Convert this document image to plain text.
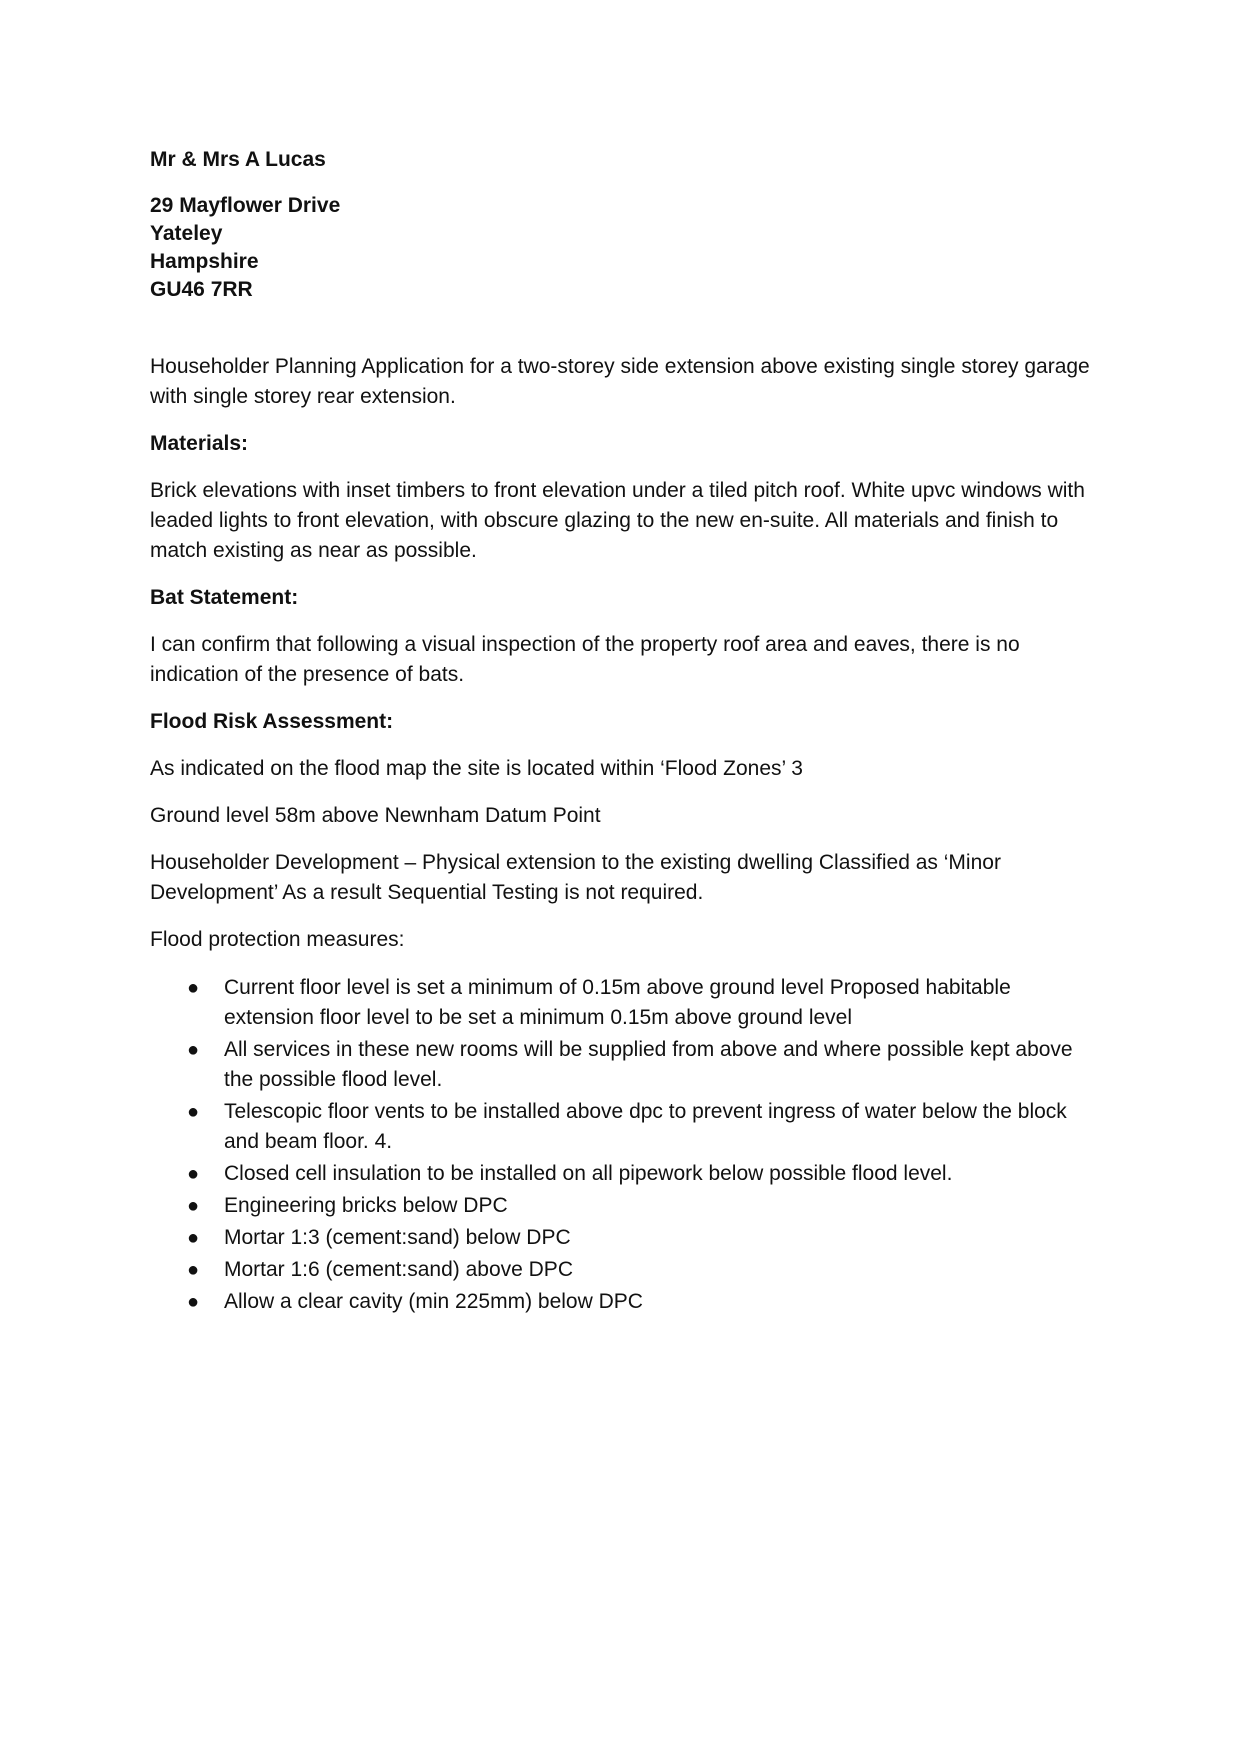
Mr & Mrs A Lucas

29 Mayflower Drive
Yateley
Hampshire
GU46 7RR

Householder Planning Application for a two-storey side extension above existing single storey garage with single storey rear extension.

Materials:

Brick elevations with inset timbers to front elevation under a tiled pitch roof. White upvc windows with leaded lights to front elevation, with obscure glazing to the new en-suite. All materials and finish to match existing as near as possible.

Bat Statement:

I can confirm that following a visual inspection of the property roof area and eaves, there is no indication of the presence of bats.

Flood Risk Assessment:

As indicated on the flood map the site is located within ‘Flood Zones’ 3

Ground level 58m above Newnham Datum Point

Householder Development – Physical extension to the existing dwelling Classified as ‘Minor Development’ As a result Sequential Testing is not required.

Flood protection measures:

● Current floor level is set a minimum of 0.15m above ground level Proposed habitable extension floor level to be set a minimum 0.15m above ground level
● All services in these new rooms will be supplied from above and where possible kept above the possible flood level.
● Telescopic floor vents to be installed above dpc to prevent ingress of water below the block and beam floor. 4.
● Closed cell insulation to be installed on all pipework below possible flood level.
● Engineering bricks below DPC
● Mortar 1:3 (cement:sand) below DPC
● Mortar 1:6 (cement:sand) above DPC
● Allow a clear cavity (min 225mm) below DPC
